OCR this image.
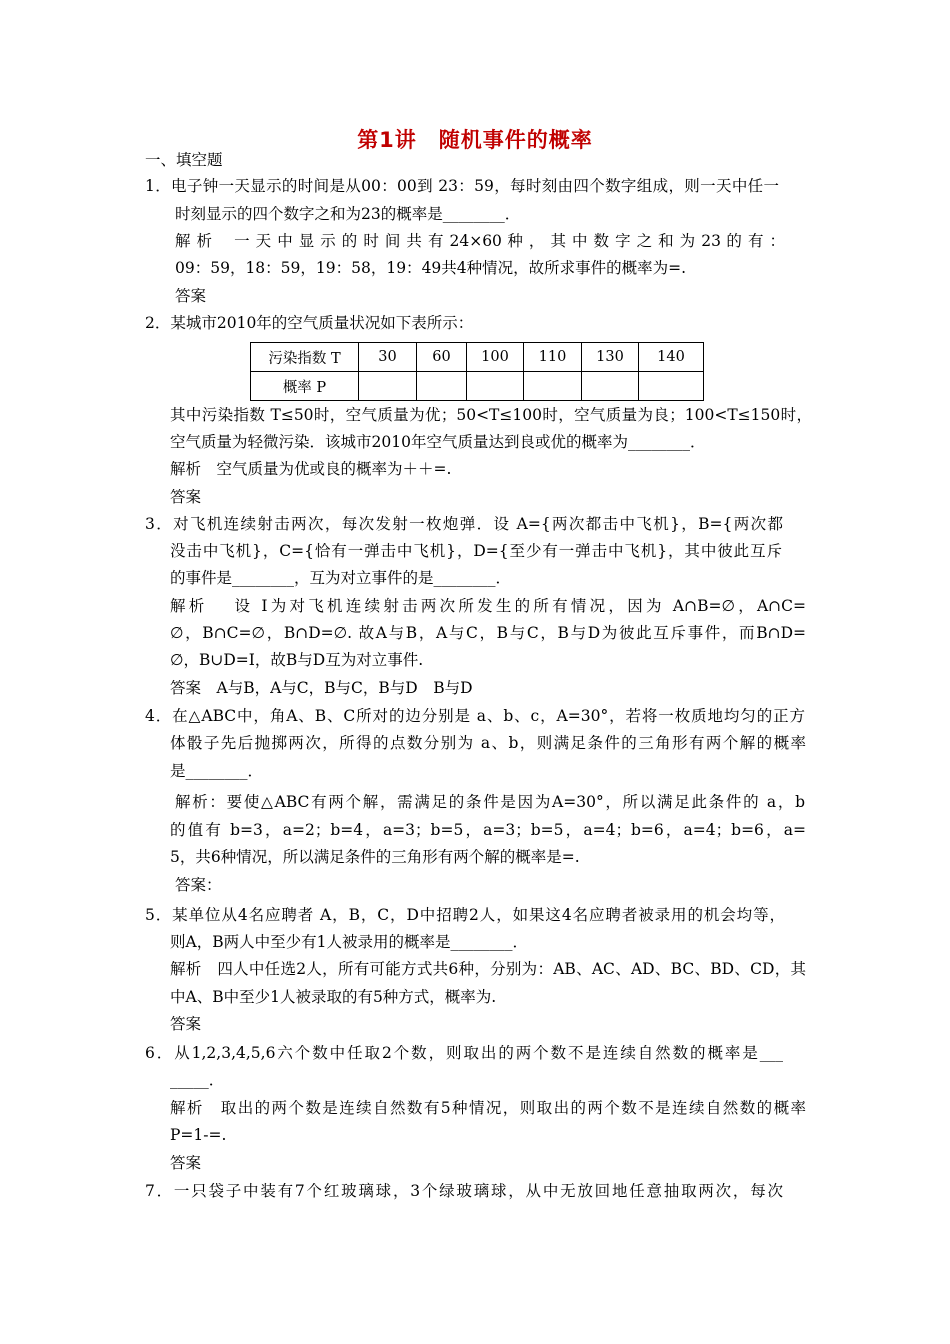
第1讲　随机事件的概率
一、填空题
1．电子钟一天显示的时间是从00：00到 23：59，每时刻由四个数字组成，则一天中任一
时刻显示的四个数字之和为23的概率是________．
解 析　 一 天 中 显 示 的 时 间 共 有 24×60 种 ， 其 中 数 字 之 和 为 23 的 有 ：
09：59，18：59，19：58，19：49共4种情况，故所求事件的概率为=.
答案
2．某城市2010年的空气质量状况如下表所示：
污染指数 T	30	60	100	110	130	140
概率 P						
其中污染指数 T≤50时，空气质量为优；50<T≤100时，空气质量为良；100<T≤150时，
空气质量为轻微污染．该城市2010年空气质量达到良或优的概率为________．
解析　空气质量为优或良的概率为＋＋=.
答案
3．对飞机连续射击两次，每次发射一枚炮弹．设 A={两次都击中飞机}，B={两次都
没击中飞机}，C={恰有一弹击中飞机}，D={至少有一弹击中飞机}，其中彼此互斥
的事件是________，互为对立事件的是________．
解析　 设 I为对飞机连续射击两次所发生的所有情况，因为 A∩B=∅，A∩C=
∅，B∩C=∅，B∩D=∅. 故A与B，A与C，B与C，B与D为彼此互斥事件，而B∩D=
∅，B∪D=I，故B与D互为对立事件.
答案　A与B，A与C，B与C，B与D　B与D
4．在△ABC中，角A、B、C所对的边分别是 a、b、c，A=30°，若将一枚质地均匀的正方
体骰子先后抛掷两次，所得的点数分别为 a、b，则满足条件的三角形有两个解的概率
是________．
解析：要使△ABC有两个解，需满足的条件是因为A=30°，所以满足此条件的 a，b
的值有 b=3，a=2；b=4，a=3；b=5，a=3；b=5，a=4；b=6，a=4；b=6，a=
5，共6种情况，所以满足条件的三角形有两个解的概率是=.
答案：
5．某单位从4名应聘者 A，B，C，D中招聘2人，如果这4名应聘者被录用的机会均等，
则A，B两人中至少有1人被录用的概率是________．
解析　四人中任选2人，所有可能方式共6种，分别为：AB、AC、AD、BC、BD、CD，其
中A、B中至少1人被录取的有5种方式，概率为.
答案
6．从1,2,3,4,5,6六个数中任取2个数，则取出的两个数不是连续自然数的概率是___
_____．
解析　取出的两个数是连续自然数有5种情况，则取出的两个数不是连续自然数的概率
P=1-=.
答案
7．一只袋子中装有7个红玻璃球，3个绿玻璃球，从中无放回地任意抽取两次，每次
